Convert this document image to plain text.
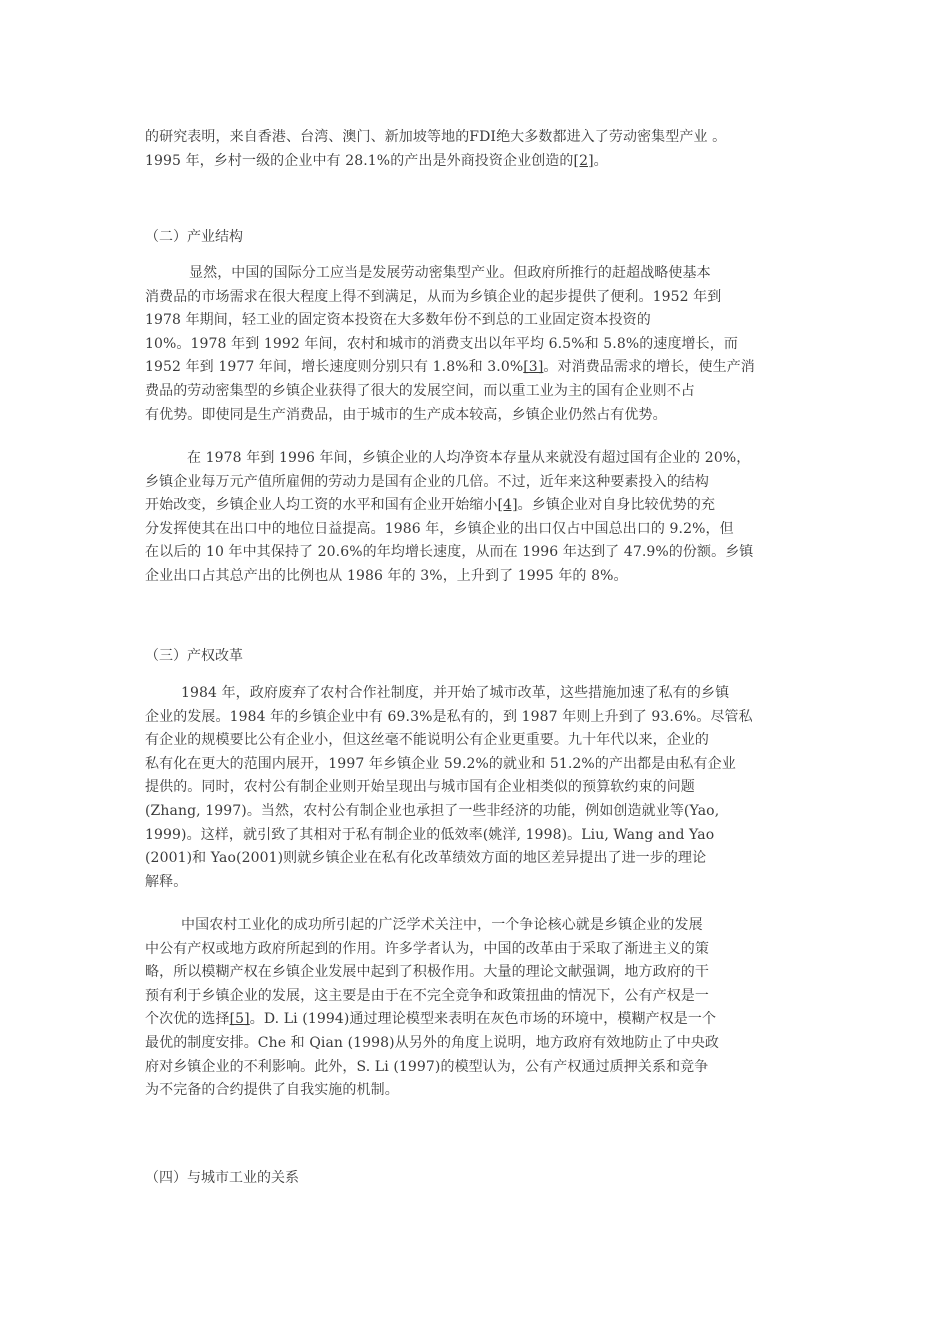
的研究表明，来自香港、台湾、澳门、新加坡等地的FDI绝大多数都进入了劳动密集型产业 。
1995 年，乡村一级的企业中有 28.1%的产出是外商投资企业创造的[2]。
（二）产业结构
显然，中国的国际分工应当是发展劳动密集型产业。但政府所推行的赶超战略使基本
消费品的市场需求在很大程度上得不到满足，从而为乡镇企业的起步提供了便利。1952 年到
1978 年期间，轻工业的固定资本投资在大多数年份不到总的工业固定资本投资的
10%。1978 年到 1992 年间，农村和城市的消费支出以年平均 6.5%和 5.8%的速度增长，而
1952 年到 1977 年间，增长速度则分别只有 1.8%和 3.0%[3]。对消费品需求的增长，使生产消
费品的劳动密集型的乡镇企业获得了很大的发展空间，而以重工业为主的国有企业则不占
有优势。即使同是生产消费品，由于城市的生产成本较高，乡镇企业仍然占有优势。
在 1978 年到 1996 年间，乡镇企业的人均净资本存量从来就没有超过国有企业的 20%，
乡镇企业每万元产值所雇佣的劳动力是国有企业的几倍。不过，近年来这种要素投入的结构
开始改变，乡镇企业人均工资的水平和国有企业开始缩小[4]。乡镇企业对自身比较优势的充
分发挥使其在出口中的地位日益提高。1986 年，乡镇企业的出口仅占中国总出口的 9.2%，但
在以后的 10 年中其保持了 20.6%的年均增长速度，从而在 1996 年达到了 47.9%的份额。乡镇
企业出口占其总产出的比例也从 1986 年的 3%，上升到了 1995 年的 8%。
（三）产权改革
1984 年，政府废弃了农村合作社制度，并开始了城市改革，这些措施加速了私有的乡镇
企业的发展。1984 年的乡镇企业中有 69.3%是私有的，到 1987 年则上升到了 93.6%。尽管私
有企业的规模要比公有企业小，但这丝毫不能说明公有企业更重要。九十年代以来，企业的
私有化在更大的范围内展开，1997 年乡镇企业 59.2%的就业和 51.2%的产出都是由私有企业
提供的。同时，农村公有制企业则开始呈现出与城市国有企业相类似的预算软约束的问题
(Zhang, 1997)。当然，农村公有制企业也承担了一些非经济的功能，例如创造就业等(Yao,
1999)。这样，就引致了其相对于私有制企业的低效率(姚洋, 1998)。Liu, Wang and Yao
(2001)和 Yao(2001)则就乡镇企业在私有化改革绩效方面的地区差异提出了进一步的理论
解释。
中国农村工业化的成功所引起的广泛学术关注中，一个争论核心就是乡镇企业的发展
中公有产权或地方政府所起到的作用。许多学者认为，中国的改革由于采取了渐进主义的策
略，所以模糊产权在乡镇企业发展中起到了积极作用。大量的理论文献强调，地方政府的干
预有利于乡镇企业的发展，这主要是由于在不完全竞争和政策扭曲的情况下，公有产权是一
个次优的选择[5]。D. Li (1994)通过理论模型来表明在灰色市场的环境中，模糊产权是一个
最优的制度安排。Che 和 Qian (1998)从另外的角度上说明，地方政府有效地防止了中央政
府对乡镇企业的不利影响。此外，S. Li (1997)的模型认为，公有产权通过质押关系和竞争
为不完备的合约提供了自我实施的机制。
（四）与城市工业的关系
